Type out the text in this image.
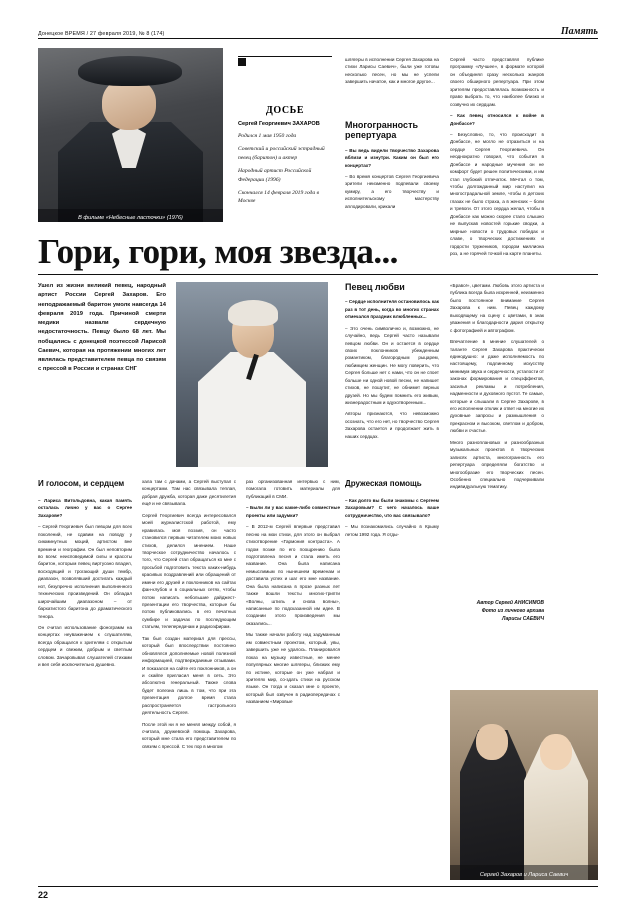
Донецкое ВРЕМЯ / 27 февраля 2019, № 8 (174)	Память
В фильме «Небесные ласточки» (1976)
ДОСЬЕ
Сергей Георгиевич ЗАХАРОВ
Родился 1 мая 1950 года
Советский и российский эстрадный певец (баритон) и актер
Народный артист Российской Федерации (1996)
Скончался 14 февраля 2019 года в Москве

шлягеры в исполнении Сергея Захарова на стихи Ларисы Саевич», были уже готовы несколько песен, но мы не успели завершить начатое, как и многое другое...

Многогранность репертуара

– Вы ведь видели творчество Захарова вблизи и изнутри. Каким он был его концертах?

– Во время концертов Сергея Георгиевича зрители неизменно подпевали своему кумиру, а его творчеству и исполнительскому мастерству аплодировали, крикали

Сергей часто представлял публике программу «Лучшее», в формате которой он объединял сразу несколько жанров своего обширного репертуара. При этом зрителям предоставлялась возможность и право выбрать то, что наиболее близко и созвучно их сердцам.

– Как певец относился к войне в Донбассе?

– Безусловно, то, что происходит в Донбассе, не могло не отразиться и на сердце Сергея Георгиевича. Он неоднократно говорил, что события в Донбассе и народные мучения он не комфорт будет решен политическими, и им стал глубокий отпечаток. Мечтал о том, чтобы долгожданный мир наступил на многострадальной земле, чтобы в детских глазах не было страха, а в женских – боли и тревоги. От этого сердца желал, чтобы в Донбассе как можно скорее стало слышно не выпускав новостей горькие сводки, а мирные новости о трудовых победах и славе, о творческих достижениях и гордости тружеников, городом миллиона роз, а не горячей точкой на карте планеты.

Гори, гори, моя звезда...
Ушел из жизни великий певец, народный артист России Сергей Захаров. Его неподражаемый баритон умолк навсегда 14 февраля 2019 года. Причиной смерти медики назвали сердечную недостаточность. Певцу было 68 лет. Мы побщались с донецкой поэтессой Ларисой Саевич, которая на протяжении многих лет являлась представителем певца по связям с прессой в России и странах СНГ
Певец любви

– Сердце исполнителя остановилось как раз в тот день, когда во многих странах отмечался праздник влюбленных...

– Это очень символично и, возможно, не случайно, ведь Сергей часто называли певцом любви. Он и остается в сердце своих поклонников убежденным романтиком, благородным рыцарем, любимцем женщин. Не могу поверить, что Сергея больше нет с нами, что он не споет больше ни одной новой песни, не напишет стихов, не пошутит, не обнимет верных друзей. Но мы будем помнить его живым, жизнерадостным и одухотворенным...

Авторы признаются, что невозможно осознать, что его нет, но творчество Сергея Захарова остается и продолжает жить в наших сердцах.

«Браво!», цветами. Любовь этого артиста и публика всегда была искренней, неизменно было постоянное внимание Сергея Захарова к ним. Певец каждому выходящему на сцену с цветами, в знак уважения и благодарности дарил открытку с фотографией и автографом.

Впечатление в мнение слушателей о таланте Сергея Захарова практически единодушно: и даже исполняемость по настоящему, подлинному искусству минимум звука и сердечности, усталости от законах формирования и спецэффектов, засилья рекламы и потребления, надменности и духовного пустот. Те самые, которые и слышали в Сергее Захарове, в его исполнении отклик и ответ на многие их духовные запросы и размышления о прекрасном и высоком, светлом и добром, любви и счастье.

Много разноплановых и разнообразных музыкальных проектов в творческих записях артиста, многогранность его репертуара определяли богатство и многообразие его творческих песен. Особенно специально подчеркивали индивидуальную тематику.

Автор Сергей АНИСИМОВ
Фото из личного архива
Ларисы САЕВИЧ
И голосом, и сердцем

– Лариса Витольдовна, какая память осталась лично у вас о Сергее Захарове?

– Сергей Георгиевич был певцом для всех поколений, не сдавим на поводу у сиюминутных моций, артистом вне времени и географии. Он был неповторим во всем: неисповедимой силы и красоты баритон, которым певец виртуозно владел, восходящий и трогающий души тембр, диапазон, позволявший достигать каждый нот, безупречно исполнения выполненного технических произведений. Он обладал широчайшим диапазоном – от бархатистого баритона до драматического тенора.

Он считал использование фонограмм на концертах неуважением к слушателям, всегда обращался к зрителям с открытым сердцем и свежим, добрым и светлым словом. Зачаровывал слушателей стихами и вел себя исключительно душевно.

хала там с дачами, а Сергей выступал с концертами. Там нас связывала теплая, добрая дружба, которая даже десятилетия ещё и не связывала.

Сергей Георгиевич всегда интересовался моей журналистской работой, ему нравилась моя поэзия, он часто становился первым читателем моих новых стихов, делился мнением. Наше творческое сотрудничество началось с того, что Сергей стал обращаться ко мне с просьбой подготовить текста каких-нибудь красивых поздравлений или обращений от имени его друзей и поклонников на сайтах фан-клубов и в социальных сетях, чтобы потом написать небольшие дайджест-презентации его творчества, которые бы потом публиковались в его печатных сумбире и задачах по последующим статьям, телепередачам и радиоэфирам.

Так был создан материал для прессы, который был впоследствии постоянно обновлялся дополняемые новой полезной информацией, подтверждаемые отзывами. И показался на сайте его поклонников, а он и скайпе пригласил меня в сеть. Это абсолютно генеральный. Также слова будет полезна лишь в том, что при эта презентация долгое время стала распространяется гастрольного деятельность Сергея.

После этой ни я не менял между собой, я считала, дружевской помощь Захарова, который мне стала его представителем по связям с прессой. С тех пор в многом

раз организованная интервью с ним, помогала готовить материалы для публикаций в СМИ.

– Были ли у вас какие-либо совместные проекты или задумки?

– В 2012-м Сергей впервые представил песню на мои стихи, для этого он выбрал стихотворение «Гармония контраста». А годом позже по его поощрению была подготовлена песня и стала иметь его название. Она была написана немыслимым по нынешнем временам и доставила успех и шаг его мне название. Она была написана в прозе разных лет также вошли тексты многих-трипти «Волны, штиль и снова волны», написанные по подсказанной им идее. В создании этого произведения мы оказались...

Мы также начали работу над задуманным им совместным проектом, который, увы, завершить уже не удалось. Планировался показ на музыку известные, не менее популярных многие шлягеры, близких ему по истине, которые он уже набрал и зрителях мир, со-здать стихи на русском языке. Он тогда и сказал мне о проекте, который был озвучен в радиопередачах с названием «Мировые

Дружеская помощь

– Как долго вы были знакомы с Сергеем Захаровым? С чего началось ваше сотрудничество, что вас связывало?

– Мы познакомились случайно в Крыму летом 1992 года. Я отды-

Сергей Захаров и Лариса Саевич
22
